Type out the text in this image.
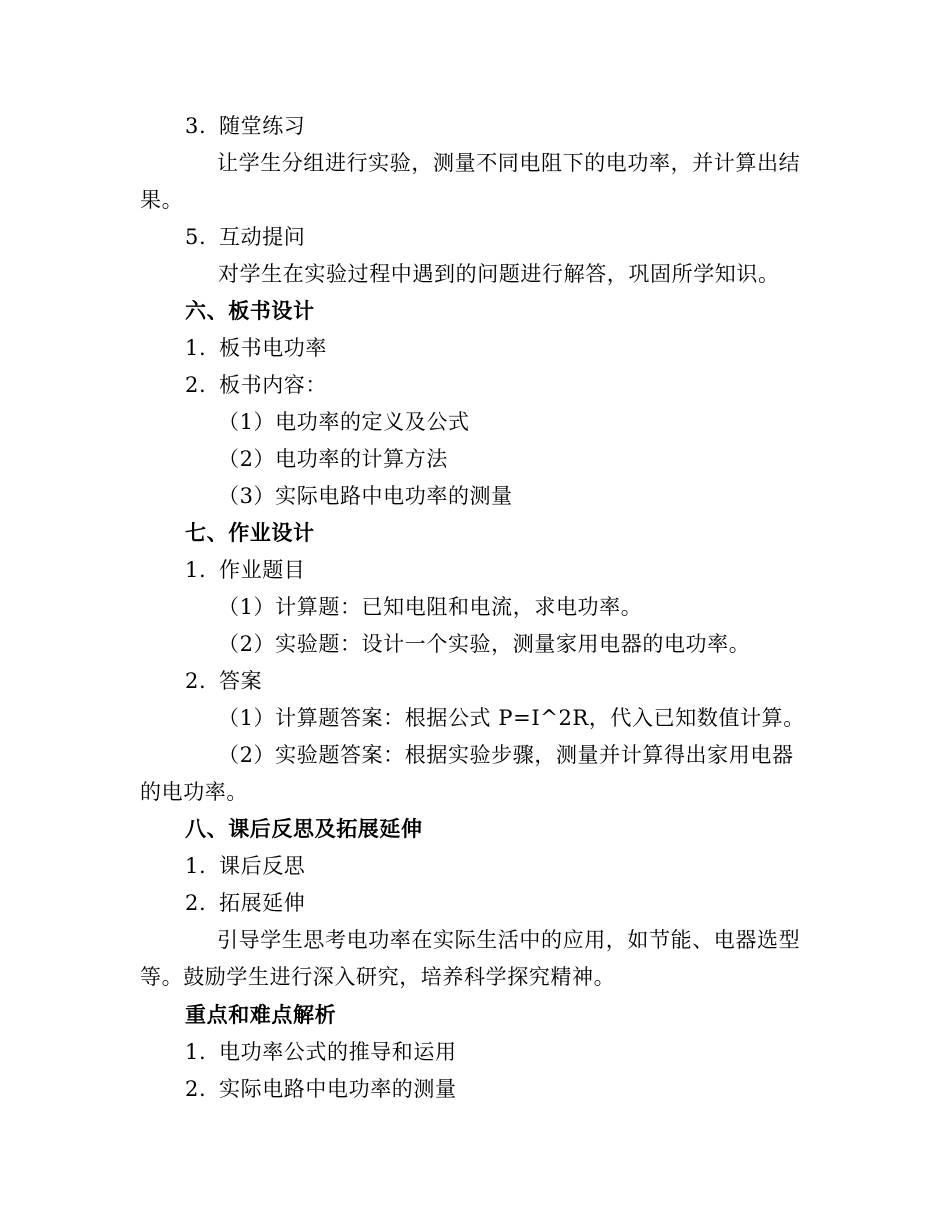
3. 随堂练习
让学生分组进行实验，测量不同电阻下的电功率，并计算出结果。
5. 互动提问
对学生在实验过程中遇到的问题进行解答，巩固所学知识。
六、板书设计
1. 板书电功率
2. 板书内容：
（1）电功率的定义及公式
（2）电功率的计算方法
（3）实际电路中电功率的测量
七、作业设计
1. 作业题目
（1）计算题：已知电阻和电流，求电功率。
（2）实验题：设计一个实验，测量家用电器的电功率。
2. 答案
（1）计算题答案：根据公式 P=I^2R，代入已知数值计算。
（2）实验题答案：根据实验步骤，测量并计算得出家用电器的电功率。
八、课后反思及拓展延伸
1. 课后反思
2. 拓展延伸
引导学生思考电功率在实际生活中的应用，如节能、电器选型等。鼓励学生进行深入研究，培养科学探究精神。
重点和难点解析
1. 电功率公式的推导和运用
2. 实际电路中电功率的测量
